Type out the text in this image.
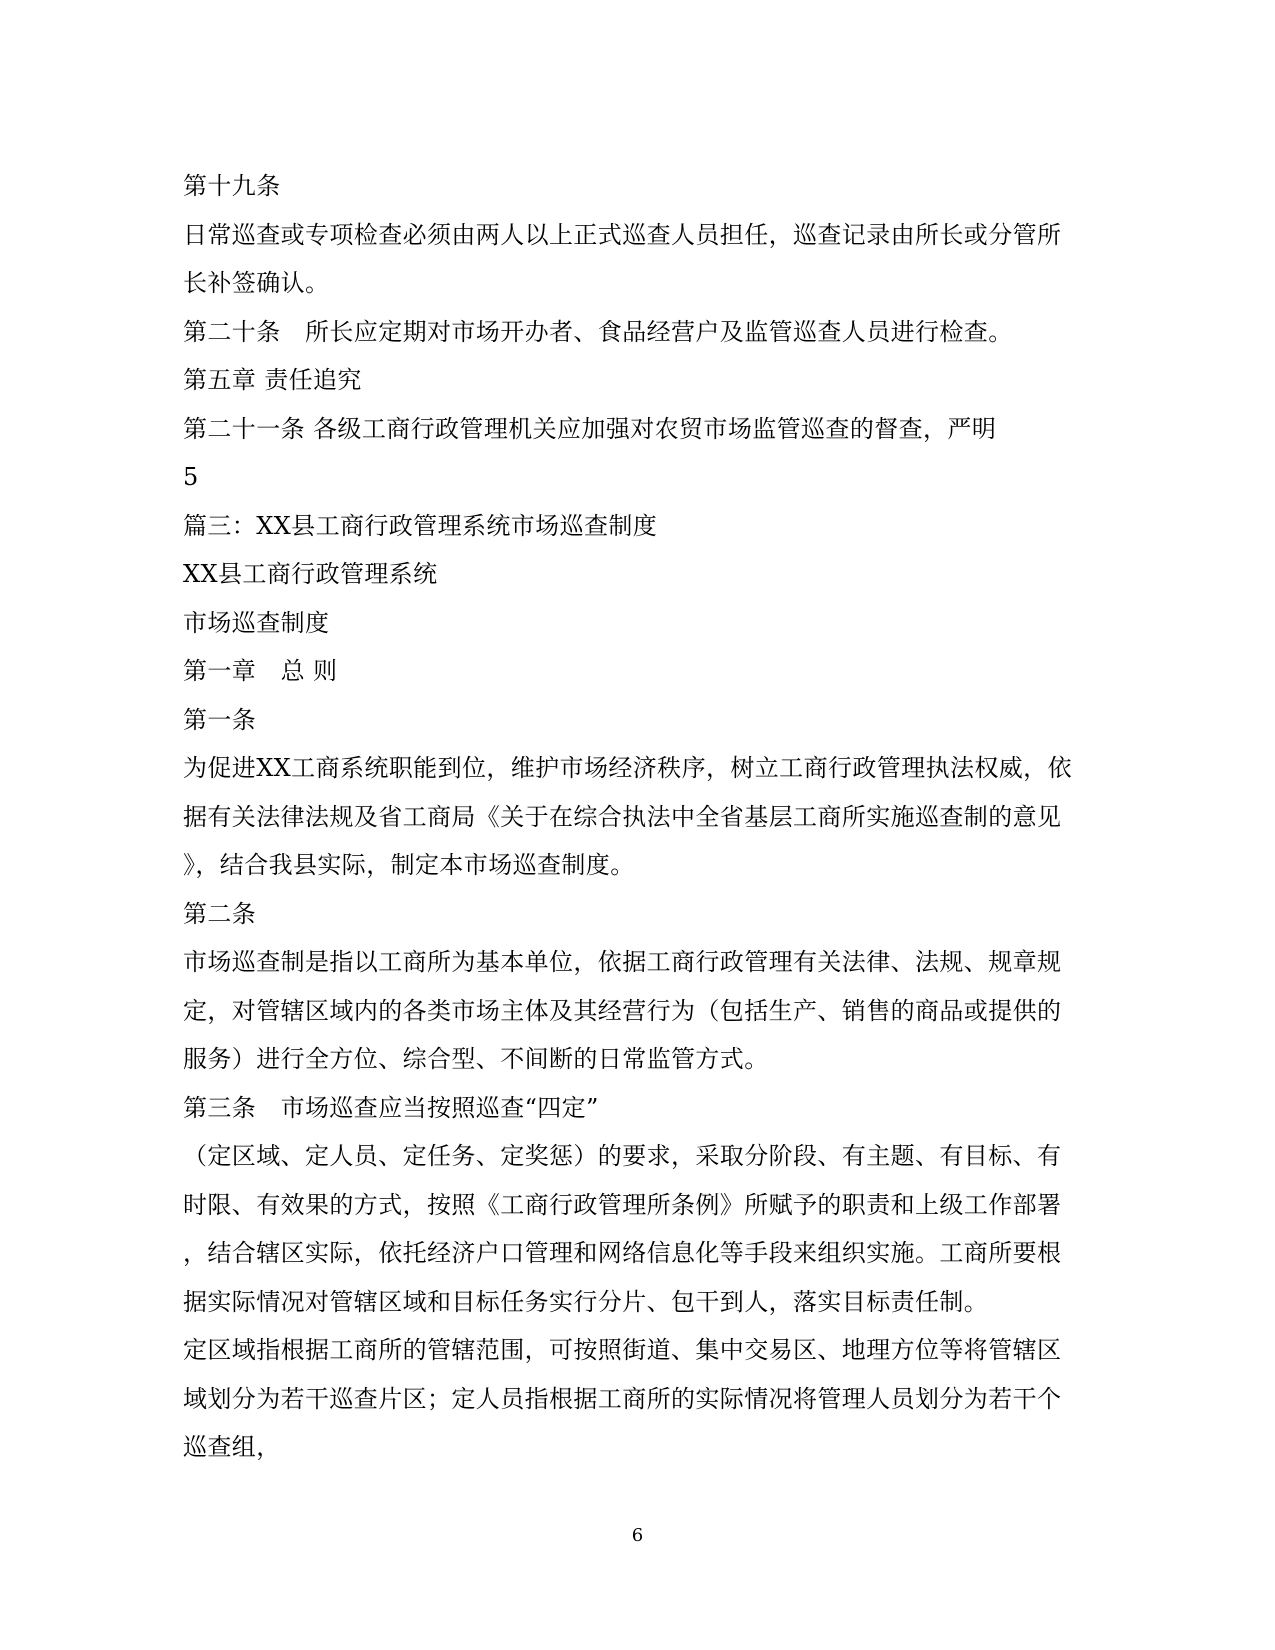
第十九条
日常巡查或专项检查必须由两人以上正式巡查人员担任，巡查记录由所长或分管所
长补签确认。
第二十条　所长应定期对市场开办者、食品经营户及监管巡查人员进行检查。
第五章 责任追究
第二十一条 各级工商行政管理机关应加强对农贸市场监管巡查的督查，严明
5
篇三：XX县工商行政管理系统市场巡查制度
XX县工商行政管理系统
市场巡查制度
第一章　总 则
第一条
为促进XX工商系统职能到位，维护市场经济秩序，树立工商行政管理执法权威，依
据有关法律法规及省工商局《关于在综合执法中全省基层工商所实施巡查制的意见
》，结合我县实际，制定本市场巡查制度。
第二条
市场巡查制是指以工商所为基本单位，依据工商行政管理有关法律、法规、规章规
定，对管辖区域内的各类市场主体及其经营行为（包括生产、销售的商品或提供的
服务）进行全方位、综合型、不间断的日常监管方式。
第三条　市场巡查应当按照巡查“四定”
（定区域、定人员、定任务、定奖惩）的要求，采取分阶段、有主题、有目标、有
时限、有效果的方式，按照《工商行政管理所条例》所赋予的职责和上级工作部署
，结合辖区实际，依托经济户口管理和网络信息化等手段来组织实施。工商所要根
据实际情况对管辖区域和目标任务实行分片、包干到人，落实目标责任制。
定区域指根据工商所的管辖范围，可按照街道、集中交易区、地理方位等将管辖区
域划分为若干巡查片区；定人员指根据工商所的实际情况将管理人员划分为若干个
巡查组，
6
